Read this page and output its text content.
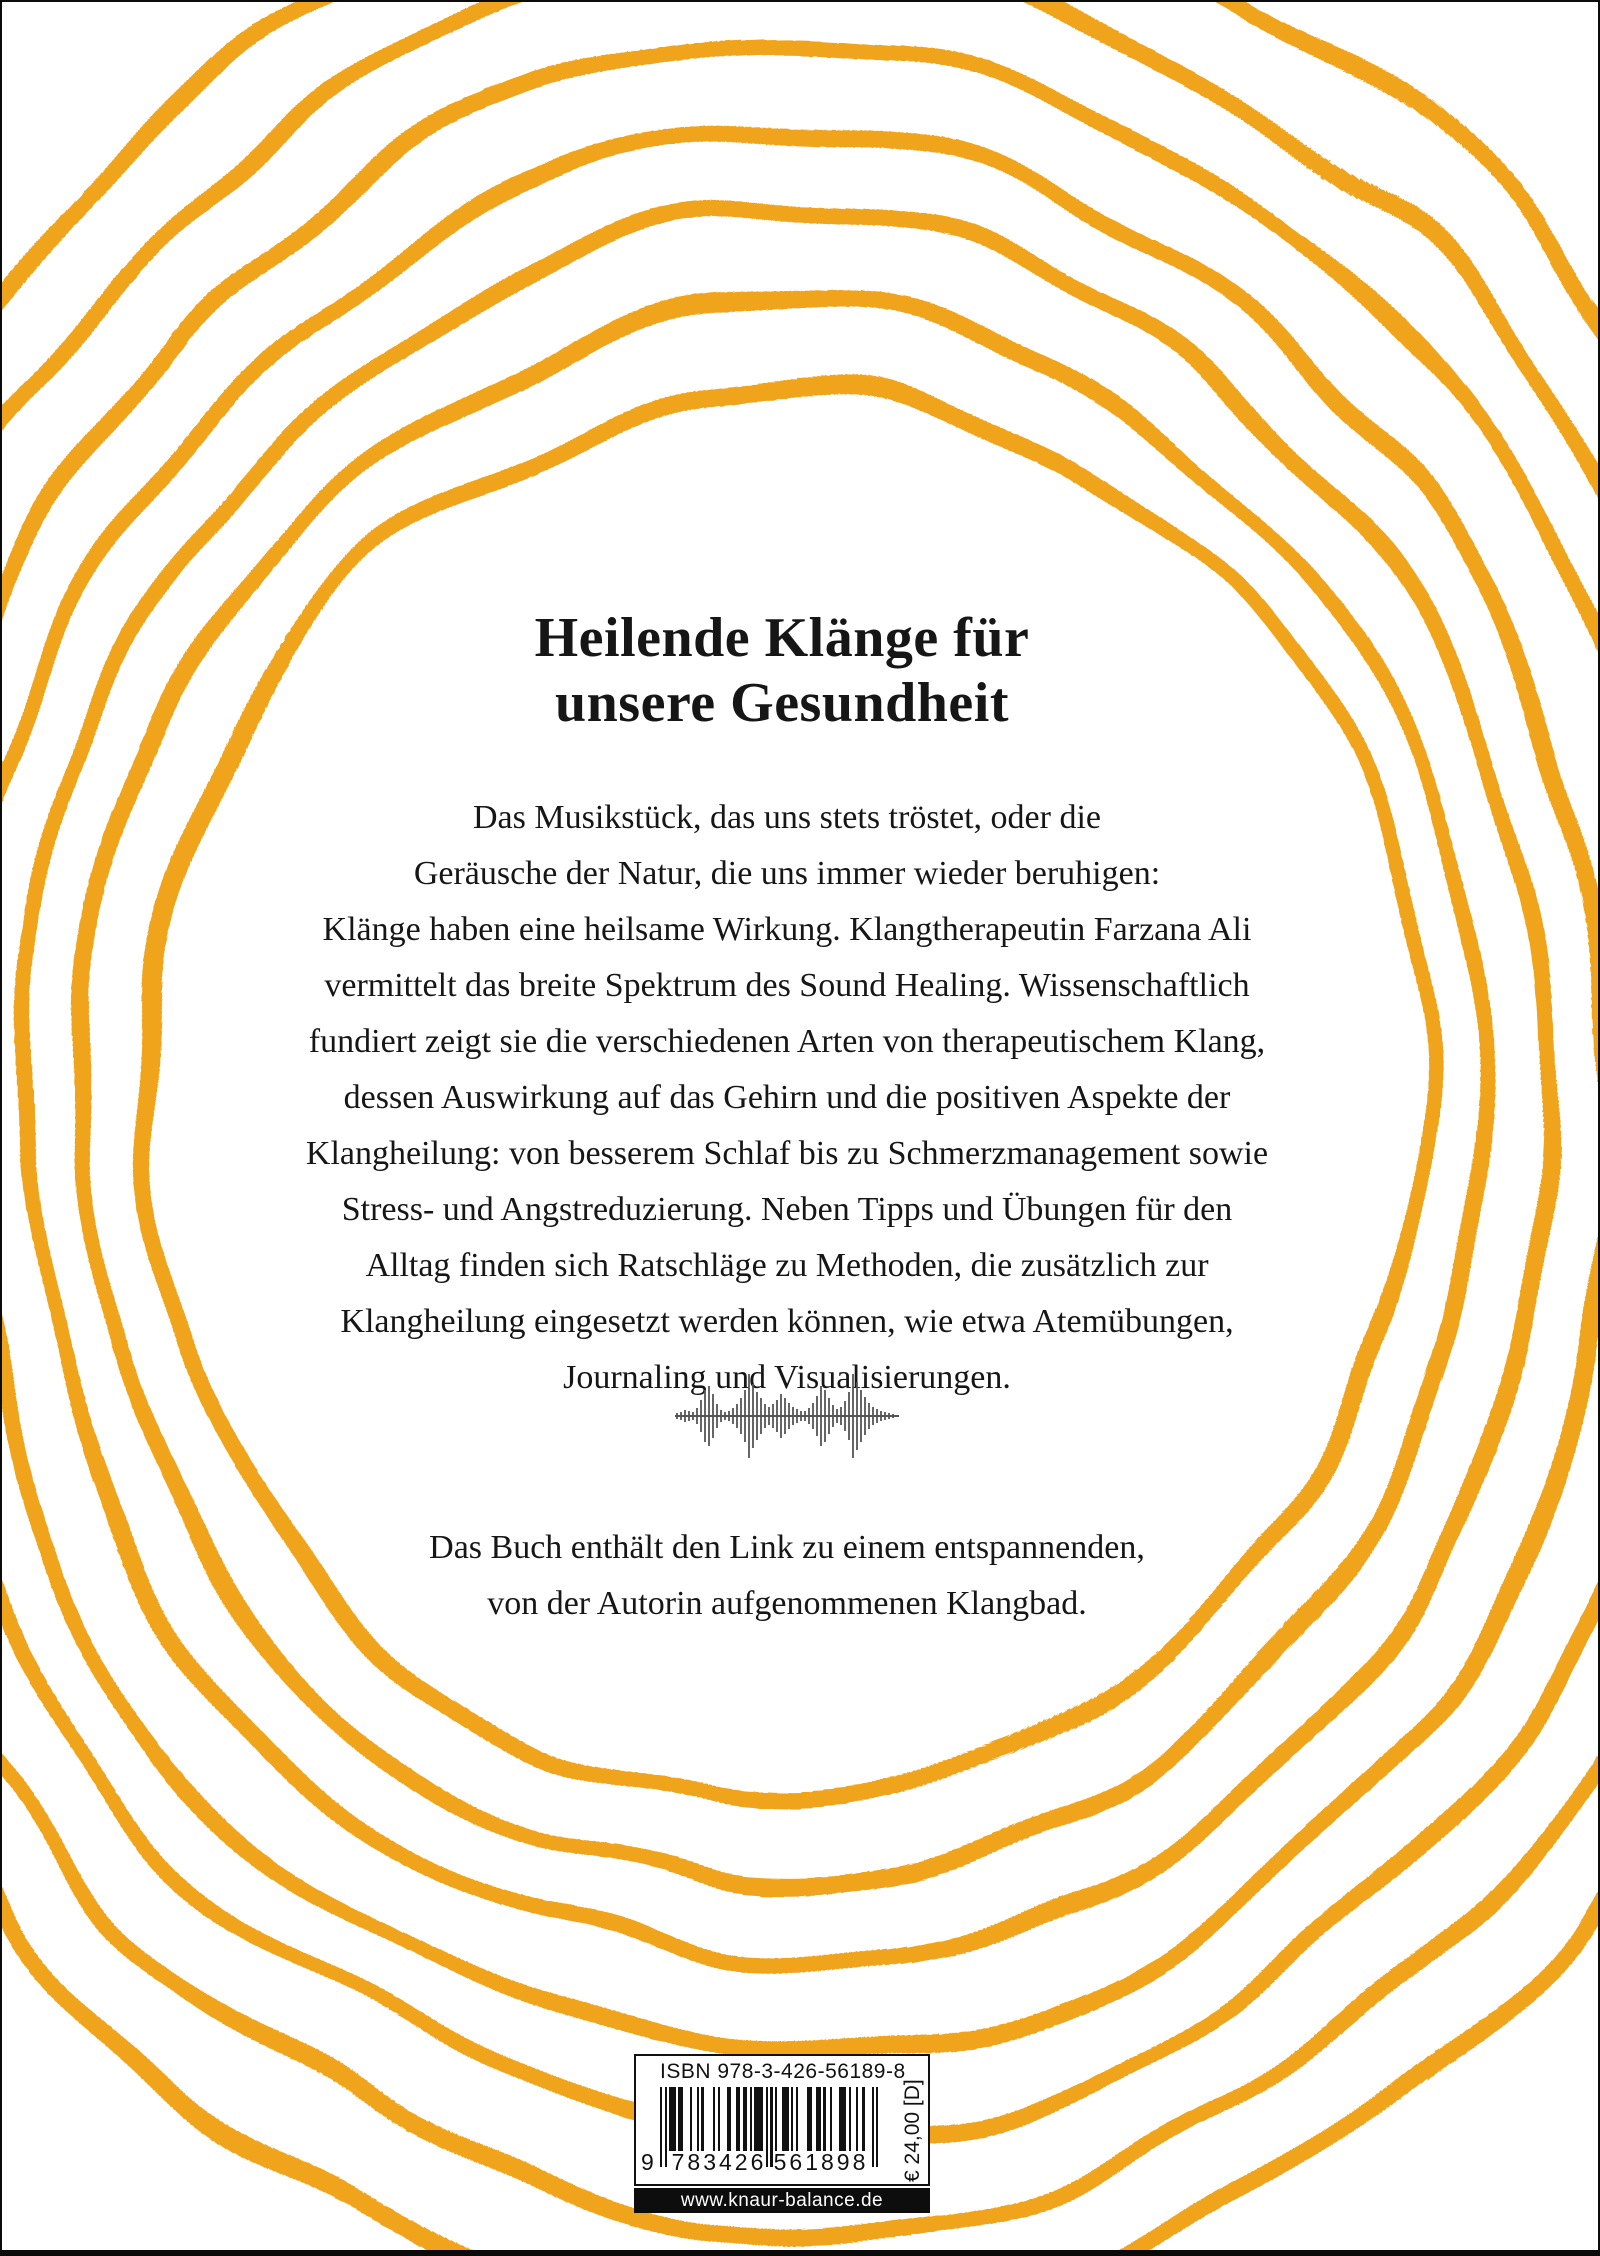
Heilende Klänge für
unsere Gesundheit
Das Musikstück, das uns stets tröstet, oder die
Geräusche der Natur, die uns immer wieder beruhigen:
Klänge haben eine heilsame Wirkung. Klangtherapeutin Farzana Ali
vermittelt das breite Spektrum des Sound Healing. Wissenschaftlich
fundiert zeigt sie die verschiedenen Arten von therapeutischem Klang,
dessen Auswirkung auf das Gehirn und die positiven Aspekte der
Klangheilung: von besserem Schlaf bis zu Schmerzmanagement sowie
Stress- und Angstreduzierung. Neben Tipps und Übungen für den
Alltag finden sich Ratschläge zu Methoden, die zusätzlich zur
Klangheilung eingesetzt werden können, wie etwa Atemübungen,
Journaling und Visualisierungen.
Das Buch enthält den Link zu einem entspannenden,
von der Autorin aufgenommenen Klangbad.
ISBN 978-3-426-56189-8
9 783426 561898 € 24,00 [D]
www.knaur-balance.de
